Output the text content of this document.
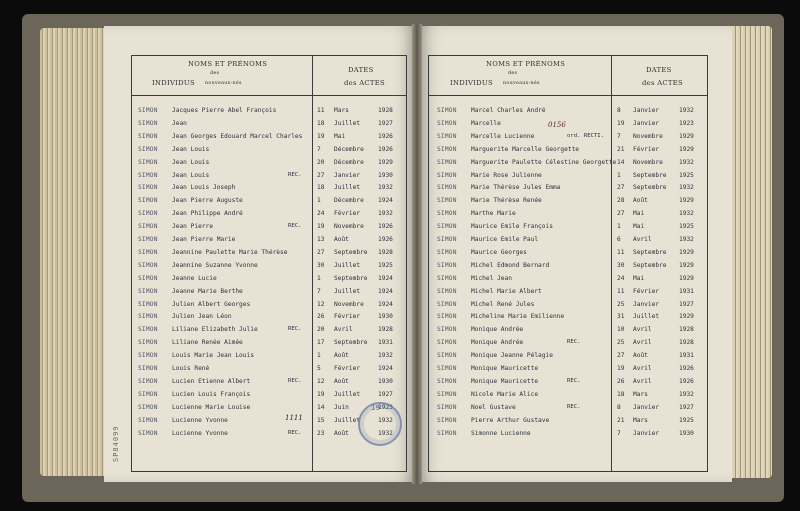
NOMS ET PRÉNOMS
des
INDIVIDUS nouveaux-nés
DATES
des ACTES
NOMS ET PRÉNOMS
des
INDIVIDUS nouveaux-nés
DATES
des ACTES
SIMON Jacques Pierre Abel François	11 Mars	1928
SIMON Jean	18 Juillet	1927
SIMON Jean Georges Edouard Marcel Charles 19 Mai	1926
SIMON Jean Louis	7 Décembre 1926
SIMON Jean Louis	20 Décembre 1929
SIMON Jean Louis	REC.	27 Janvier	1930
SIMON Jean Louis Joseph	18 Juillet	1932
SIMON Jean Pierre Auguste	1 Décembre 1924
SIMON Jean Philippe André	24 Février	1932
SIMON Jean Pierre	REC.	19 Novembre 1926
SIMON Jean Pierre Marie	13 Août	1926
SIMON Jeannine Paulette Marie Thérèse	27 Septembre 1928
SIMON Jeannine Suzanne Yvonne	30 Juillet	1925
SIMON Jeanne Lucie	1 Septembre 1924
SIMON Jeanne Marie Berthe	7 Juillet	1924
SIMON Julien Albert Georges	12 Novembre 1924
SIMON Julien Jean Léon	26 Février	1930
SIMON Liliane Elizabeth Julie	REC.	20 Avril	1928
SIMON Liliane Renée Aimée	17 Septembre 1931
SIMON Louis Marie Jean Louis	1 Août	1932
SIMON Louis René	5 Février	1924
SIMON Lucien Etienne Albert	REC.	12 Août	1930
SIMON Lucien Louis François	19 Juillet	1927
SIMON Lucienne Marie Louise	14 Juin	1923
SIMON Lucienne Yvonne	15 Juillet	1932
SIMON Lucienne Yvonne	REC.	23 Août	1932
SIMON Marcel Charles André	8 Janvier	1932
SIMON Marcelle	19 Janvier	1923
SIMON Marcelle Lucienne	ord. RECTI. 7 Novembre	1929
SIMON Marguerite Marcelle Georgette	21 Février	1929
SIMON Marguerite Paulette Célestine Georgette 14 Novembre	1932
SIMON Marie Rose Julienne	1 Septembre 1925
SIMON Marie Thérèse Jules Emma	27 Septembre 1932
SIMON Marie Thérèse Renée	28 Août	1929
SIMON Marthe Marie	27 Mai	1932
SIMON Maurice Emile François	1 Mai	1925
SIMON Maurice Emile Paul	6 Avril	1932
SIMON Maurice Georges	11 Septembre 1929
SIMON Michel Edmond Bernard	30 Septembre 1929
SIMON Michel Jean	24 Mai	1929
SIMON Michel Marie Albert	11 Février	1931
SIMON Michel René Jules	25 Janvier	1927
SIMON Micheline Marie Emilienne	31 Juillet	1929
SIMON Monique Andrée	10 Avril	1928
SIMON Monique Andrée	REC.	25 Avril	1928
SIMON Monique Jeanne Pélagie	27 Août	1931
SIMON Monique Mauricette	19 Avril	1926
SIMON Monique Mauricette	REC.	26 Avril	1926
SIMON Nicole Marie Alice	18 Mars	1932
SIMON Noel Gustave	REC.	8 Janvier	1927
SIMON Pierre Arthur Gustave	21 Mars	1925
SIMON Simonne Lucienne	7 Janvier	1930
1111
0156
19
SP84099
